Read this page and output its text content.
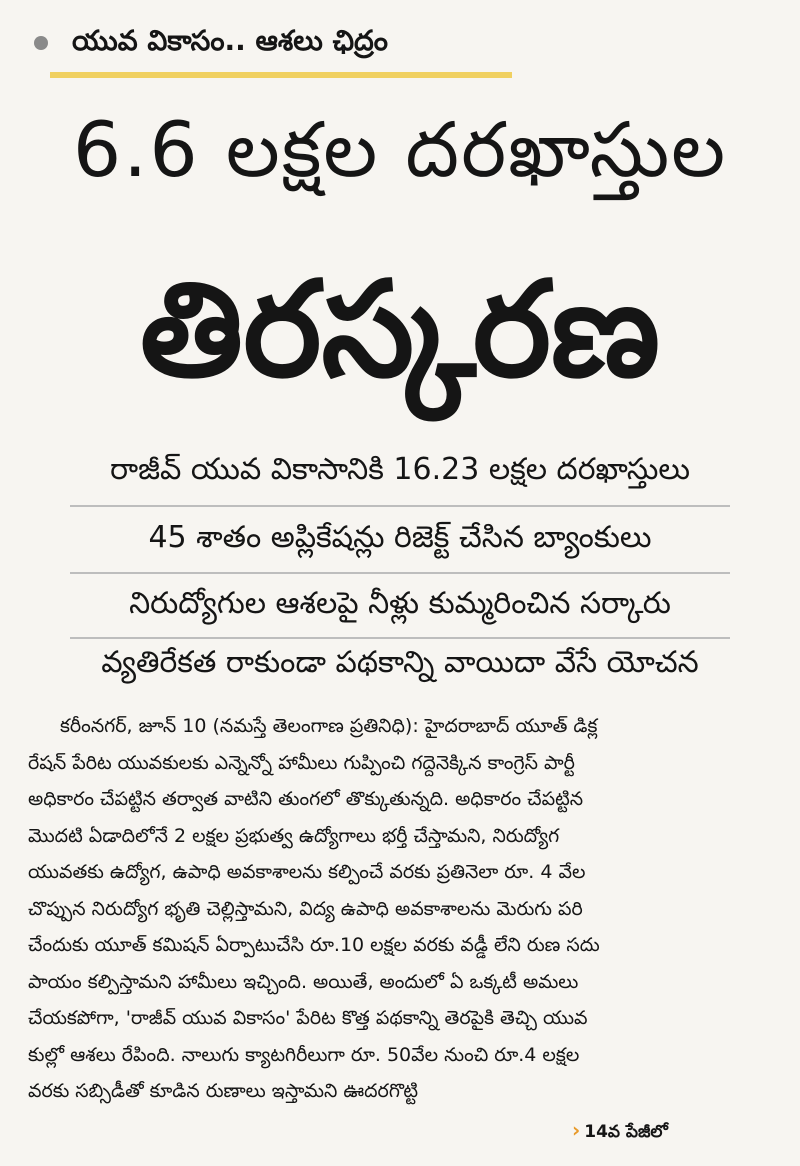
యువ వికాసం.. ఆశలు ఛిద్రం
6.6 లక్షల దరఖాస్తుల
తిరస్కరణ
రాజీవ్ యువ వికాసానికి 16.23 లక్షల దరఖాస్తులు
45 శాతం అప్లికేషన్లు రిజెక్ట్ చేసిన బ్యాంకులు
నిరుద్యోగుల ఆశలపై నీళ్లు కుమ్మరించిన సర్కారు
వ్యతిరేకత రాకుండా పథకాన్ని వాయిదా వేసే యోచన
కరీంనగర్, జూన్ 10 (నమస్తే తెలంగాణ ప్రతినిధి): హైదరాబాద్ యూత్ డిక్ల
రేషన్ పేరిట యువకులకు ఎన్నెన్నో హామీలు గుప్పించి గద్దెనెక్కిన కాంగ్రెస్ పార్టీ
అధికారం చేపట్టిన తర్వాత వాటిని తుంగలో తొక్కుతున్నది. అధికారం చేపట్టిన
మొదటి ఏడాదిలోనే 2 లక్షల ప్రభుత్వ ఉద్యోగాలు భర్తీ చేస్తామని, నిరుద్యోగ
యువతకు ఉద్యోగ, ఉపాధి అవకాశాలను కల్పించే వరకు ప్రతినెలా రూ. 4 వేల
చొప్పున నిరుద్యోగ భృతి చెల్లిస్తామని, విద్య ఉపాధి అవకాశాలను మెరుగు పరి
చేందుకు యూత్ కమిషన్ ఏర్పాటుచేసి రూ.10 లక్షల వరకు వడ్డీ లేని రుణ సదు
పాయం కల్పిస్తామని హామీలు ఇచ్చింది. అయితే, అందులో ఏ ఒక్కటీ అమలు
చేయకపోగా, 'రాజీవ్ యువ వికాసం' పేరిట కొత్త పథకాన్ని తెరపైకి తెచ్చి యువ
కుల్లో ఆశలు రేపింది. నాలుగు క్యాటగిరీలుగా రూ. 50వేల నుంచి రూ.4 లక్షల
వరకు సబ్సిడీతో కూడిన రుణాలు ఇస్తామని ఊదరగొట్టి
› 14వ పేజీలో
